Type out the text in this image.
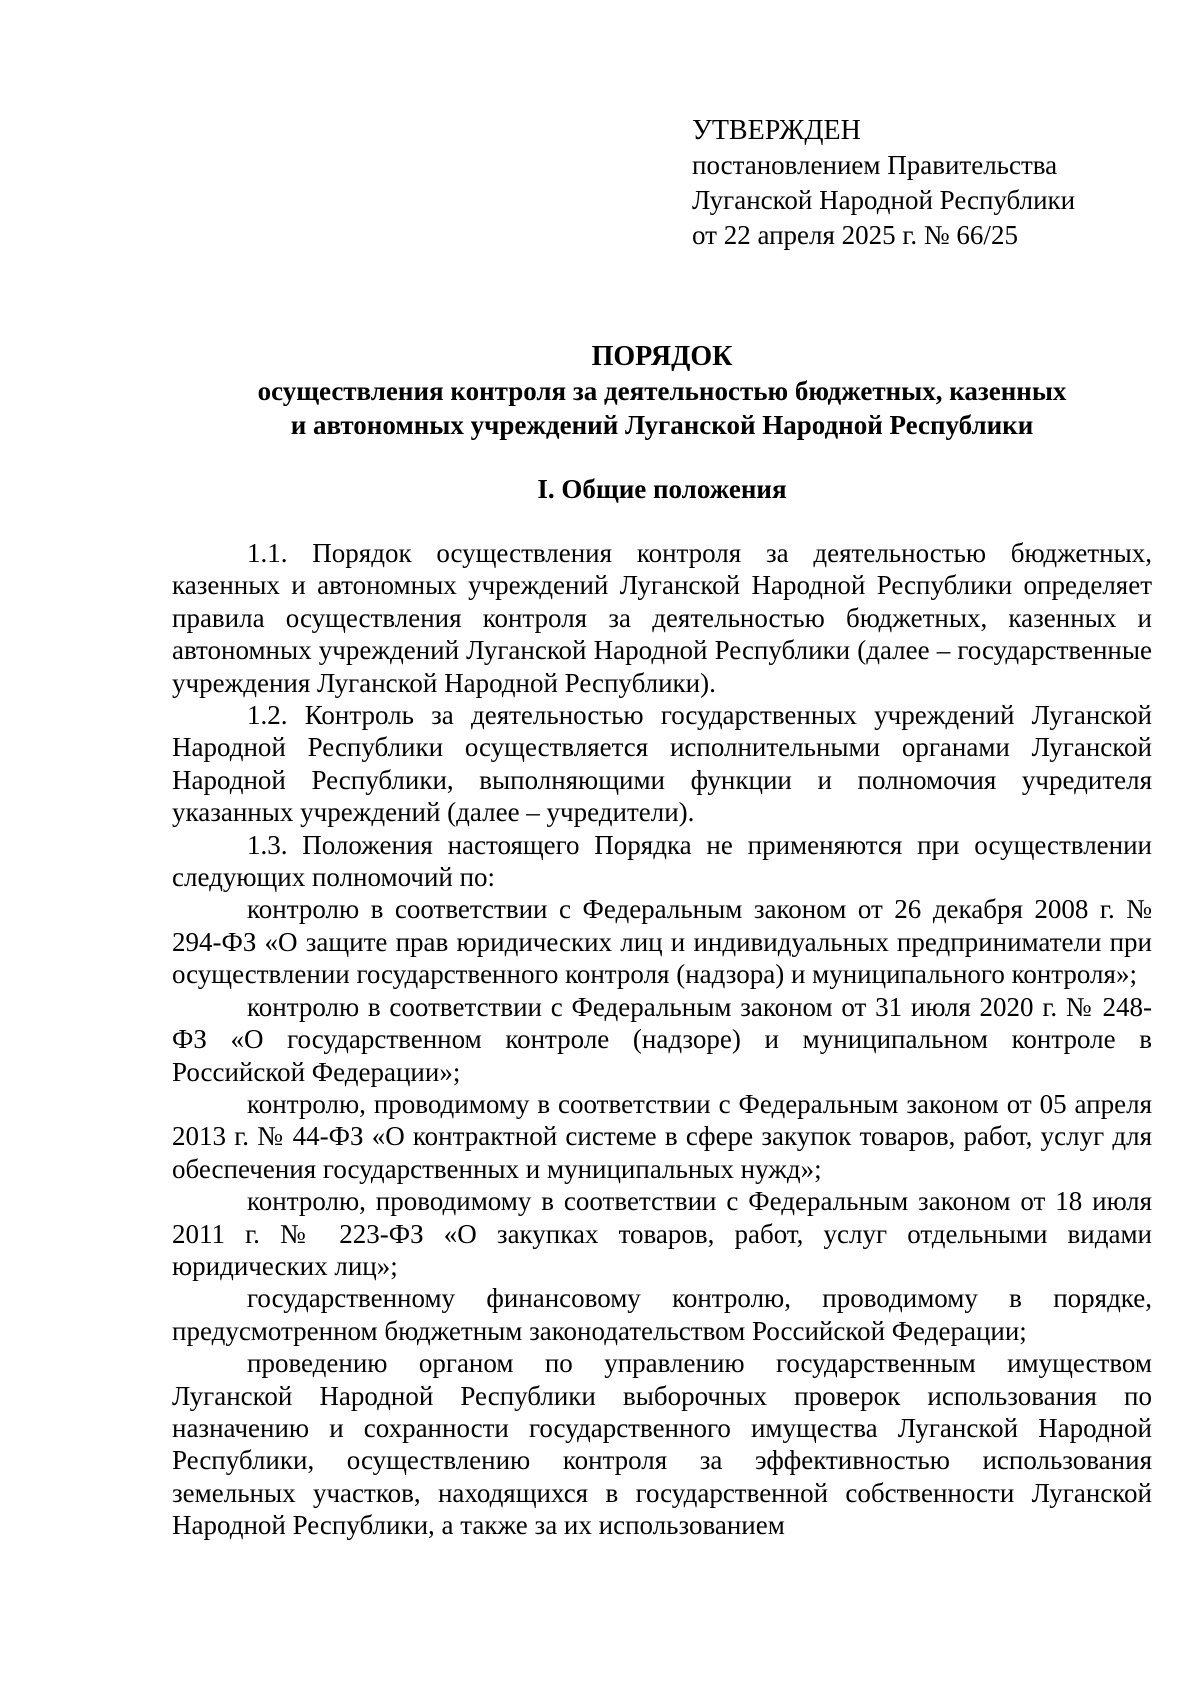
УТВЕРЖДЕН
постановлением Правительства
Луганской Народной Республики
от 22 апреля 2025 г. № 66/25
ПОРЯДОК
осуществления контроля за деятельностью бюджетных, казенных
и автономных учреждений Луганской Народной Республики
I. Общие положения

1.1. Порядок осуществления контроля за деятельностью бюджетных, казенных и автономных учреждений Луганской Народной Республики определяет правила осуществления контроля за деятельностью бюджетных, казенных и автономных учреждений Луганской Народной Республики (далее – государственные учреждения Луганской Народной Республики).

1.2. Контроль за деятельностью государственных учреждений Луганской Народной Республики осуществляется исполнительными органами Луганской Народной Республики, выполняющими функции и полномочия учредителя указанных учреждений (далее – учредители).

1.3. Положения настоящего Порядка не применяются при осуществлении следующих полномочий по:

контролю в соответствии с Федеральным законом от 26 декабря 2008 г. № 294-ФЗ «О защите прав юридических лиц и индивидуальных предприниматели при осуществлении государственного контроля (надзора) и муниципального контроля»;

контролю в соответствии с Федеральным законом от 31 июля 2020 г. № 248-ФЗ «О государственном контроле (надзоре) и муниципальном контроле в Российской Федерации»;

контролю, проводимому в соответствии с Федеральным законом от 05 апреля 2013 г. № 44-ФЗ «О контрактной системе в сфере закупок товаров, работ, услуг для обеспечения государственных и муниципальных нужд»;

контролю, проводимому в соответствии с Федеральным законом от 18 июля 2011 г. № 223-ФЗ «О закупках товаров, работ, услуг отдельными видами юридических лиц»;

государственному финансовому контролю, проводимому в порядке, предусмотренном бюджетным законодательством Российской Федерации;

проведению органом по управлению государственным имуществом Луганской Народной Республики выборочных проверок использования по назначению и сохранности государственного имущества Луганской Народной Республики, осуществлению контроля за эффективностью использования земельных участков, находящихся в государственной собственности Луганской Народной Республики, а также за их использованием
